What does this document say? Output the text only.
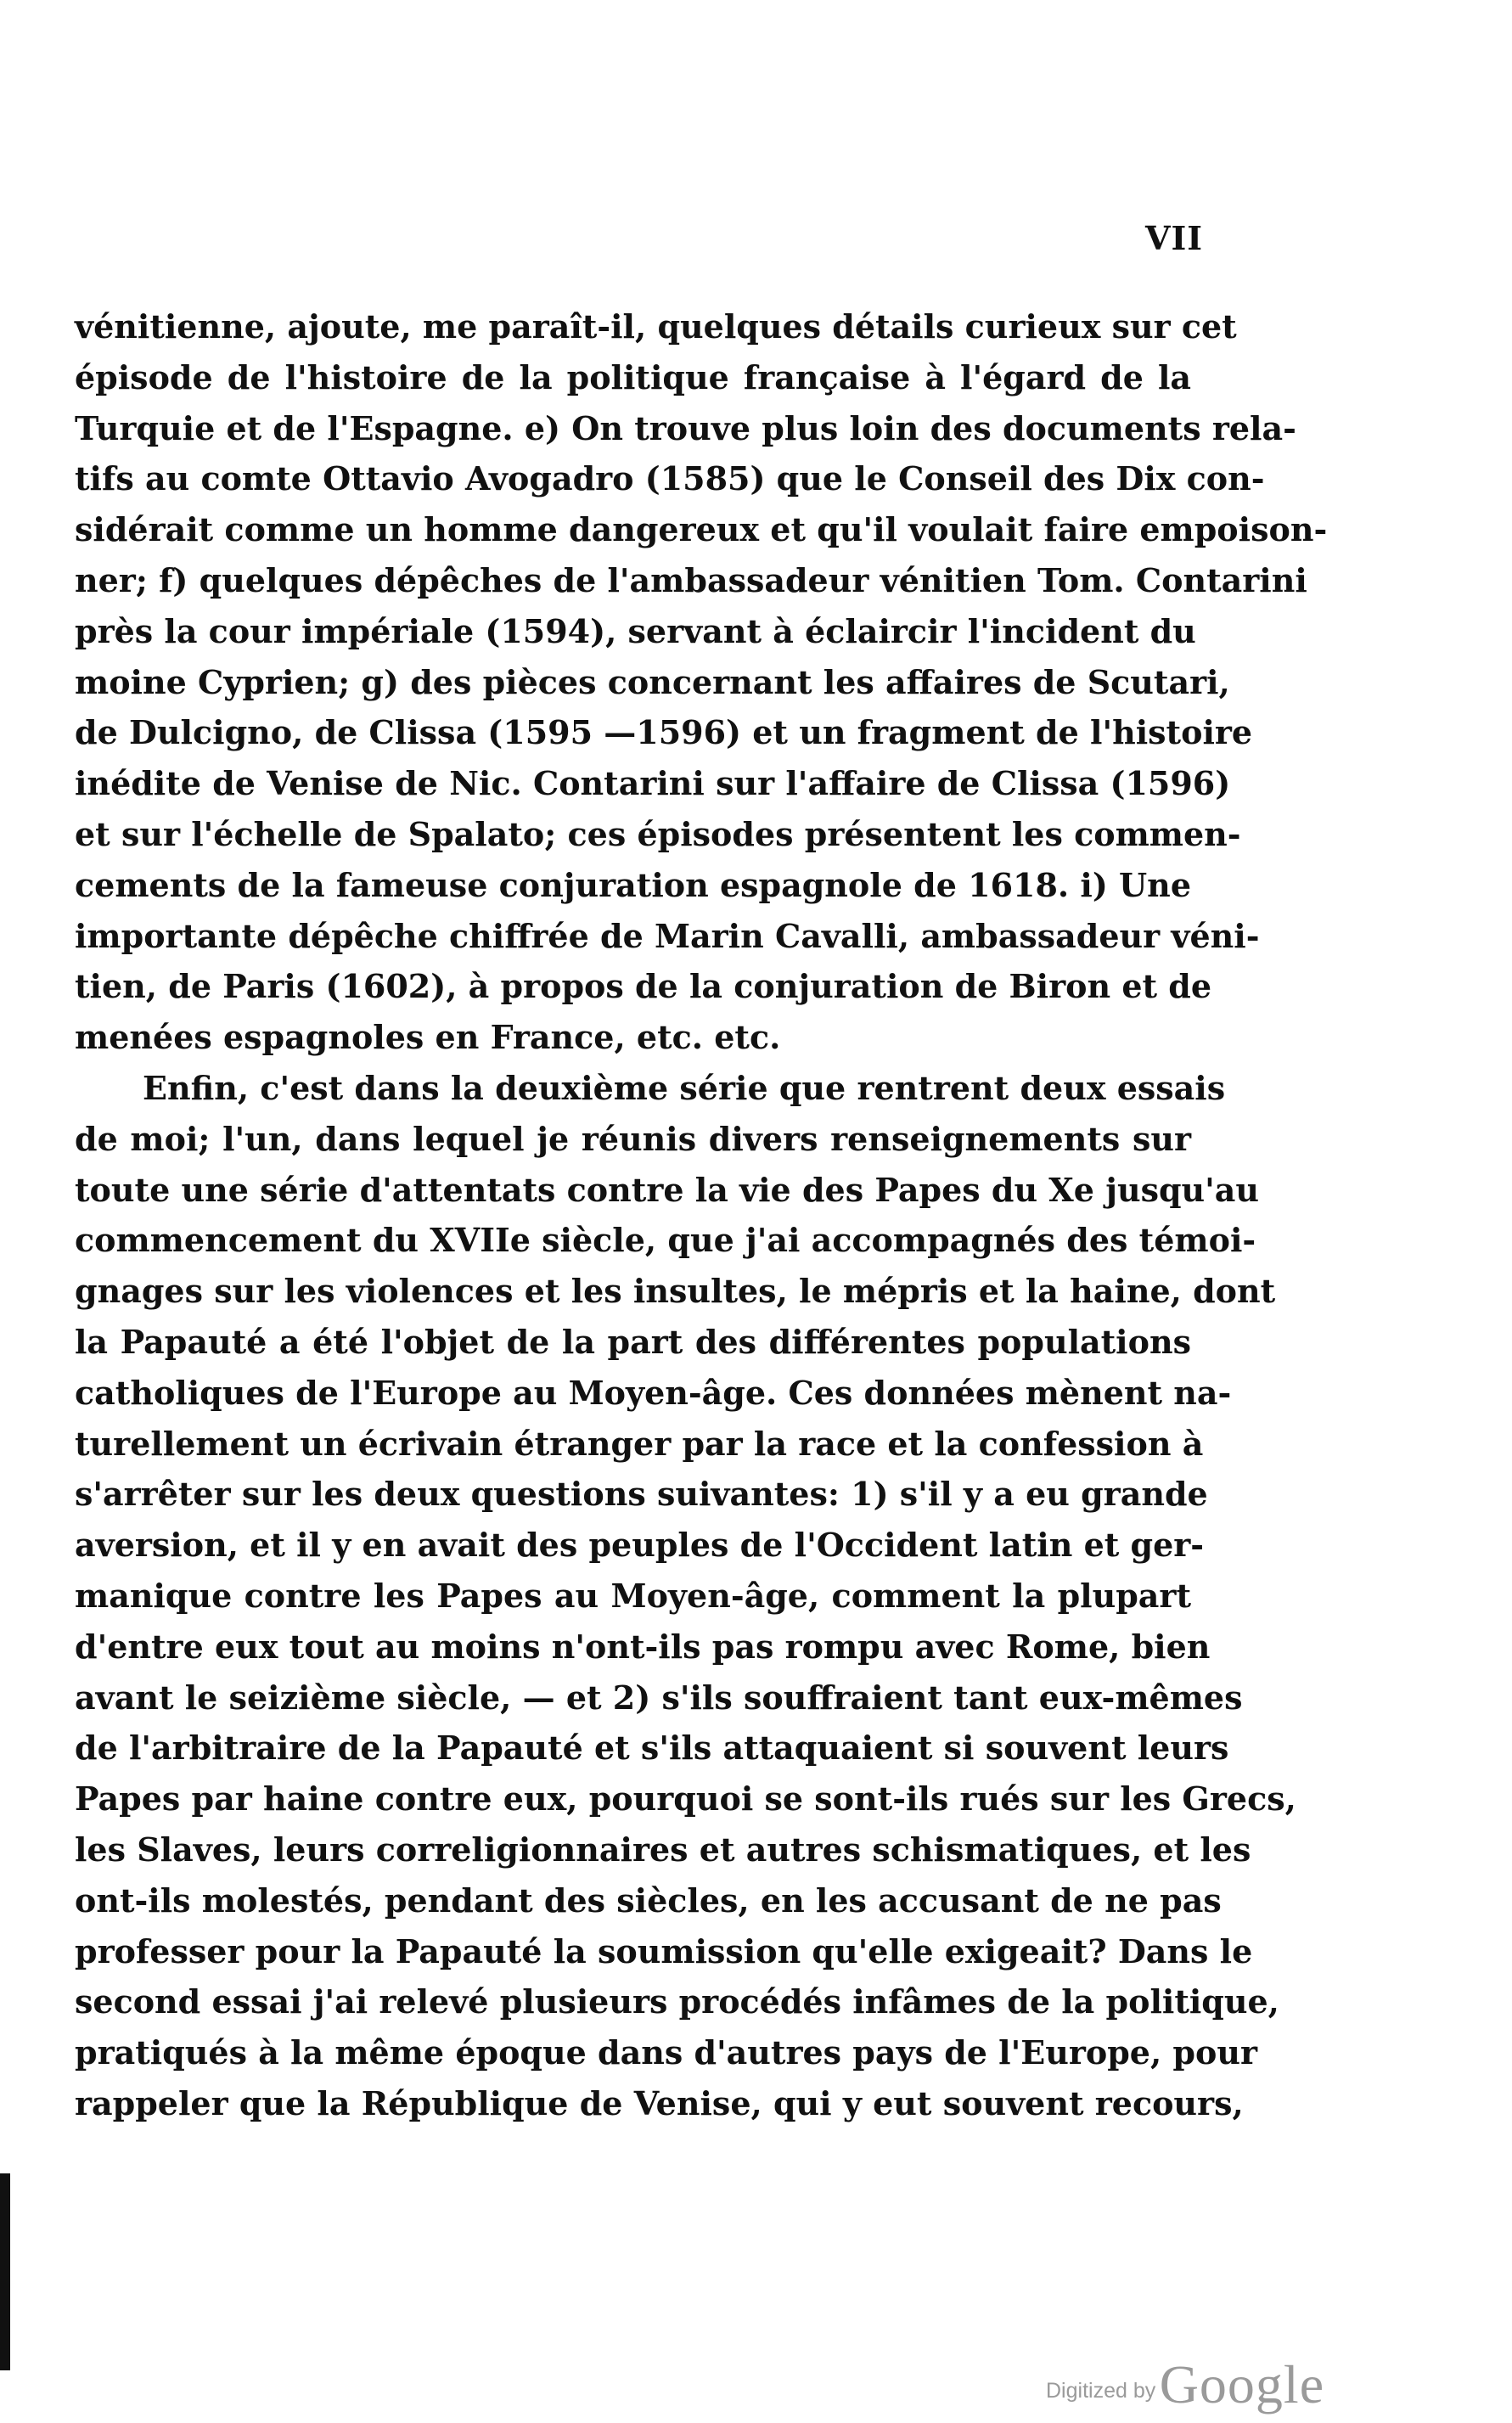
VII
vénitienne, ajoute, me paraît-il, quelques détails curieux sur cet
épisode de l'histoire de la politique française à l'égard de la
Turquie et de l'Espagne. e) On trouve plus loin des documents rela-
tifs au comte Ottavio Avogadro (1585) que le Conseil des Dix con-
sidérait comme un homme dangereux et qu'il voulait faire empoison-
ner; f) quelques dépêches de l'ambassadeur vénitien Tom. Contarini
près la cour impériale (1594), servant à éclaircir l'incident du
moine Cyprien; g) des pièces concernant les affaires de Scutari,
de Dulcigno, de Clissa (1595 —1596) et un fragment de l'histoire
inédite de Venise de Nic. Contarini sur l'affaire de Clissa (1596)
et sur l'échelle de Spalato; ces épisodes présentent les commen-
cements de la fameuse conjuration espagnole de 1618. i) Une
importante dépêche chiffrée de Marin Cavalli, ambassadeur véni-
tien, de Paris (1602), à propos de la conjuration de Biron et de
menées espagnoles en France, etc. etc.
Enfin, c'est dans la deuxième série que rentrent deux essais
de moi; l'un, dans lequel je réunis divers renseignements sur
toute une série d'attentats contre la vie des Papes du Xe jusqu'au
commencement du XVIIe siècle, que j'ai accompagnés des témoi-
gnages sur les violences et les insultes, le mépris et la haine, dont
la Papauté a été l'objet de la part des différentes populations
catholiques de l'Europe au Moyen-âge. Ces données mènent na-
turellement un écrivain étranger par la race et la confession à
s'arrêter sur les deux questions suivantes: 1) s'il y a eu grande
aversion, et il y en avait des peuples de l'Occident latin et ger-
manique contre les Papes au Moyen-âge, comment la plupart
d'entre eux tout au moins n'ont-ils pas rompu avec Rome, bien
avant le seizième siècle, — et 2) s'ils souffraient tant eux-mêmes
de l'arbitraire de la Papauté et s'ils attaquaient si souvent leurs
Papes par haine contre eux, pourquoi se sont-ils rués sur les Grecs,
les Slaves, leurs correligionnaires et autres schismatiques, et les
ont-ils molestés, pendant des siècles, en les accusant de ne pas
professer pour la Papauté la soumission qu'elle exigeait? Dans le
second essai j'ai relevé plusieurs procédés infâmes de la politique,
pratiqués à la même époque dans d'autres pays de l'Europe, pour
rappeler que la République de Venise, qui y eut souvent recours,
Digitized by Google
